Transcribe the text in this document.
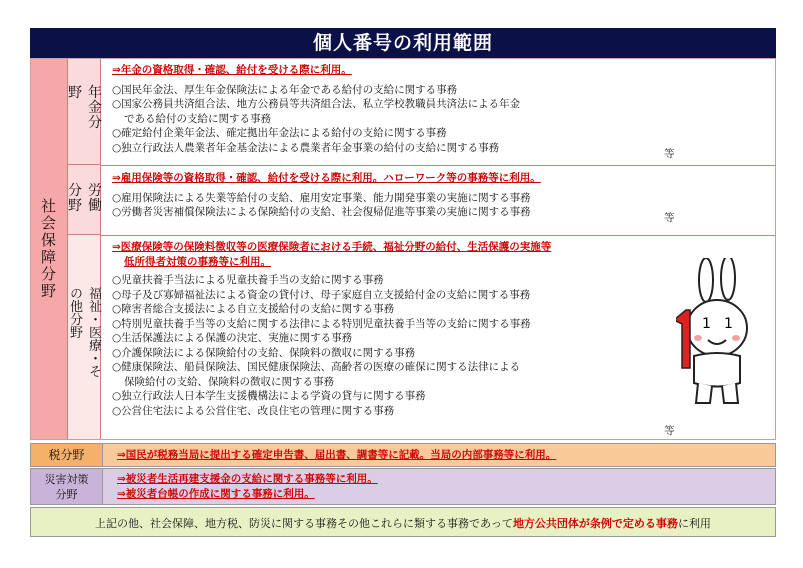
個人番号の利用範囲
社会保障分野
年金分野
労働分野
福祉・医療・その他分野
⇒年金の資格取得・確認、給付を受ける際に利用。
○国民年金法、厚生年金保険法による年金である給付の支給に関する事務
○国家公務員共済組合法、地方公務員等共済組合法、私立学校教職員共済法による年金
である給付の支給に関する事務
○確定給付企業年金法、確定拠出年金法による給付の支給に関する事務
○独立行政法人農業者年金基金法による農業者年金事業の給付の支給に関する事務
等
⇒雇用保険等の資格取得・確認、給付を受ける際に利用。ハローワーク等の事務等に利用。
○雇用保険法による失業等給付の支給、雇用安定事業、能力開発事業の実施に関する事務
○労働者災害補償保険法による保険給付の支給、社会復帰促進等事業の実施に関する事務	等
⇒医療保険等の保険料徴収等の医療保険者における手続、福祉分野の給付、生活保護の実施等
低所得者対策の事務等に利用。
○児童扶養手当法による児童扶養手当の支給に関する事務
○母子及び寡婦福祉法による資金の貸付け、母子家庭自立支援給付金の支給に関する事務
○障害者総合支援法による自立支援給付の支給に関する事務
○特別児童扶養手当等の支給に関する法律による特別児童扶養手当等の支給に関する事務
○生活保護法による保護の決定、実施に関する事務
○介護保険法による保険給付の支給、保険料の徴収に関する事務
○健康保険法、船員保険法、国民健康保険法、高齢者の医療の確保に関する法律による
保険給付の支給、保険料の徴収に関する事務
○独立行政法人日本学生支援機構法による学資の貸与に関する事務
○公営住宅法による公営住宅、改良住宅の管理に関する事務
等
1 1
税分野	⇒国民が税務当局に提出する確定申告書、届出書、調書等に記載。当局の内部事務等に利用。
災害対策分野
⇒被災者生活再建支援金の支給に関する事務等に利用。
⇒被災者台帳の作成に関する事務に利用。
上記の他、社会保障、地方税、防災に関する事務その他これらに類する事務であって地方公共団体が条例で定める事務に利用
